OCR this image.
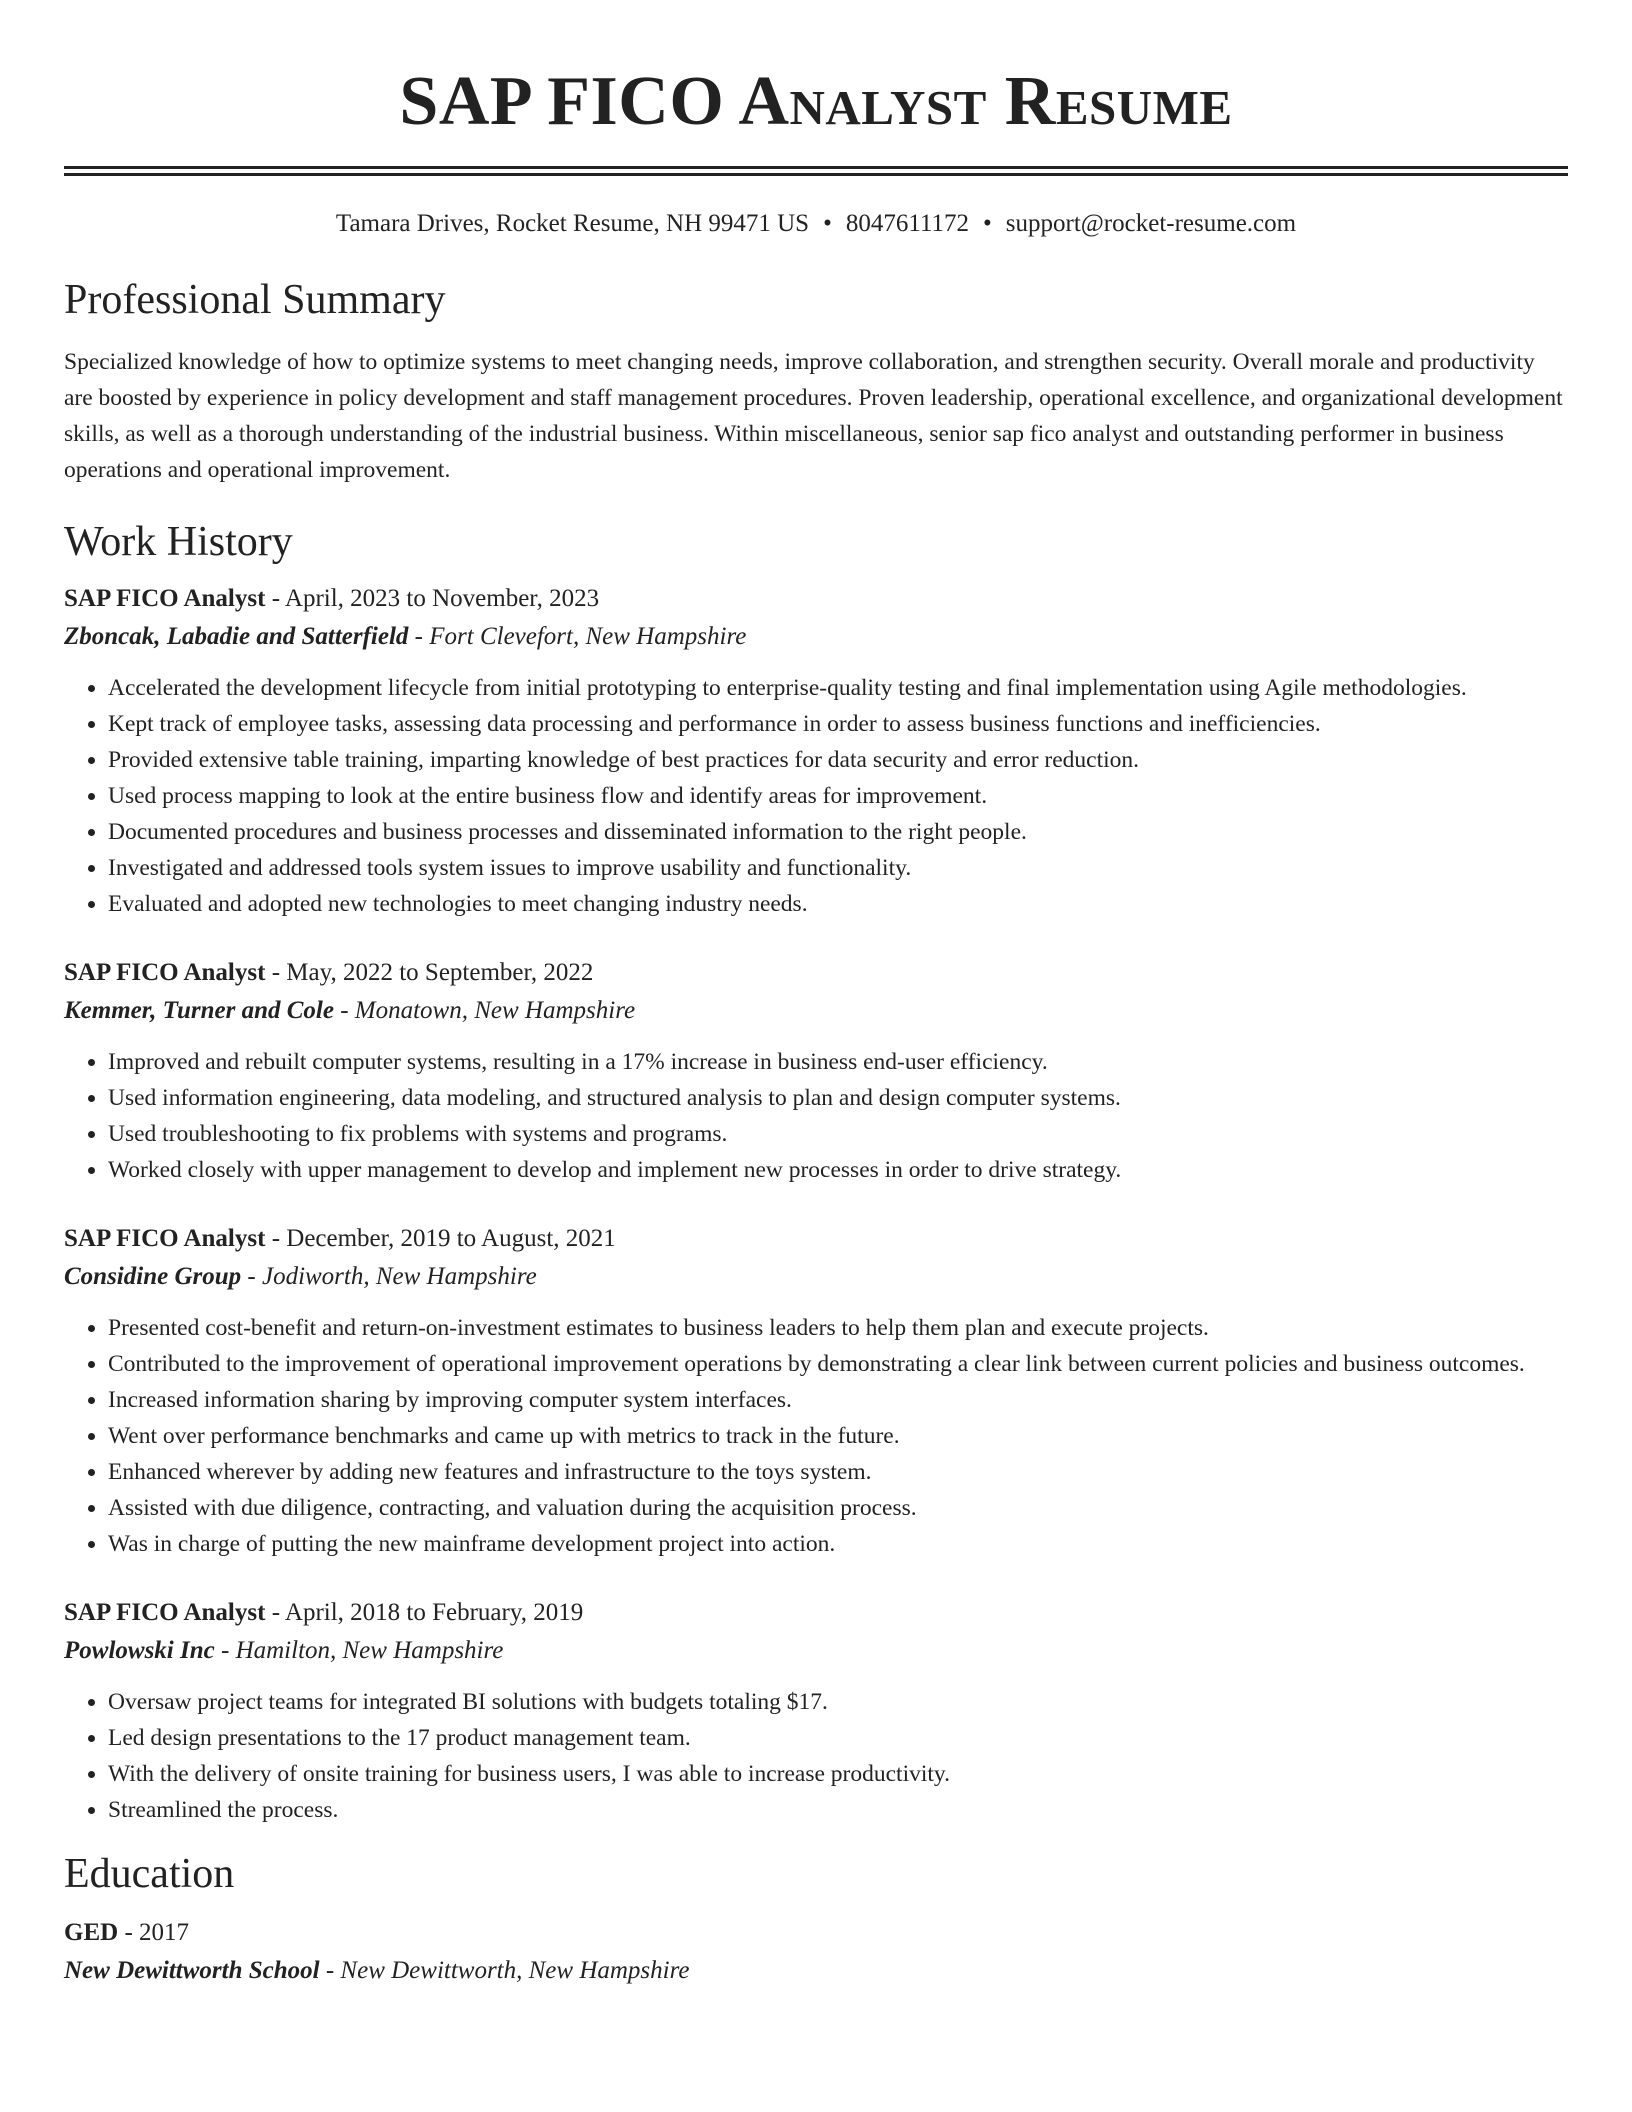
SAP FICO Analyst Resume
Tamara Drives, Rocket Resume, NH 99471 US • 8047611172 • support@rocket-resume.com
Professional Summary

Specialized knowledge of how to optimize systems to meet changing needs, improve collaboration, and strengthen security. Overall morale and productivity are boosted by experience in policy development and staff management procedures. Proven leadership, operational excellence, and organizational development skills, as well as a thorough understanding of the industrial business. Within miscellaneous, senior sap fico analyst and outstanding performer in business operations and operational improvement.

Work History
SAP FICO Analyst - April, 2023 to November, 2023
Zboncak, Labadie and Satterfield - Fort Clevefort, New Hampshire
• Accelerated the development lifecycle from initial prototyping to enterprise-quality testing and final implementation using Agile methodologies.
• Kept track of employee tasks, assessing data processing and performance in order to assess business functions and inefficiencies.
• Provided extensive table training, imparting knowledge of best practices for data security and error reduction.
• Used process mapping to look at the entire business flow and identify areas for improvement.
• Documented procedures and business processes and disseminated information to the right people.
• Investigated and addressed tools system issues to improve usability and functionality.
• Evaluated and adopted new technologies to meet changing industry needs.
SAP FICO Analyst - May, 2022 to September, 2022
Kemmer, Turner and Cole - Monatown, New Hampshire
• Improved and rebuilt computer systems, resulting in a 17% increase in business end-user efficiency.
• Used information engineering, data modeling, and structured analysis to plan and design computer systems.
• Used troubleshooting to fix problems with systems and programs.
• Worked closely with upper management to develop and implement new processes in order to drive strategy.
SAP FICO Analyst - December, 2019 to August, 2021
Considine Group - Jodiworth, New Hampshire
• Presented cost-benefit and return-on-investment estimates to business leaders to help them plan and execute projects.
• Contributed to the improvement of operational improvement operations by demonstrating a clear link between current policies and business outcomes.
• Increased information sharing by improving computer system interfaces.
• Went over performance benchmarks and came up with metrics to track in the future.
• Enhanced wherever by adding new features and infrastructure to the toys system.
• Assisted with due diligence, contracting, and valuation during the acquisition process.
• Was in charge of putting the new mainframe development project into action.
SAP FICO Analyst - April, 2018 to February, 2019
Powlowski Inc - Hamilton, New Hampshire
• Oversaw project teams for integrated BI solutions with budgets totaling $17.
• Led design presentations to the 17 product management team.
• With the delivery of onsite training for business users, I was able to increase productivity.
• Streamlined the process.
Education
GED - 2017
New Dewittworth School - New Dewittworth, New Hampshire
